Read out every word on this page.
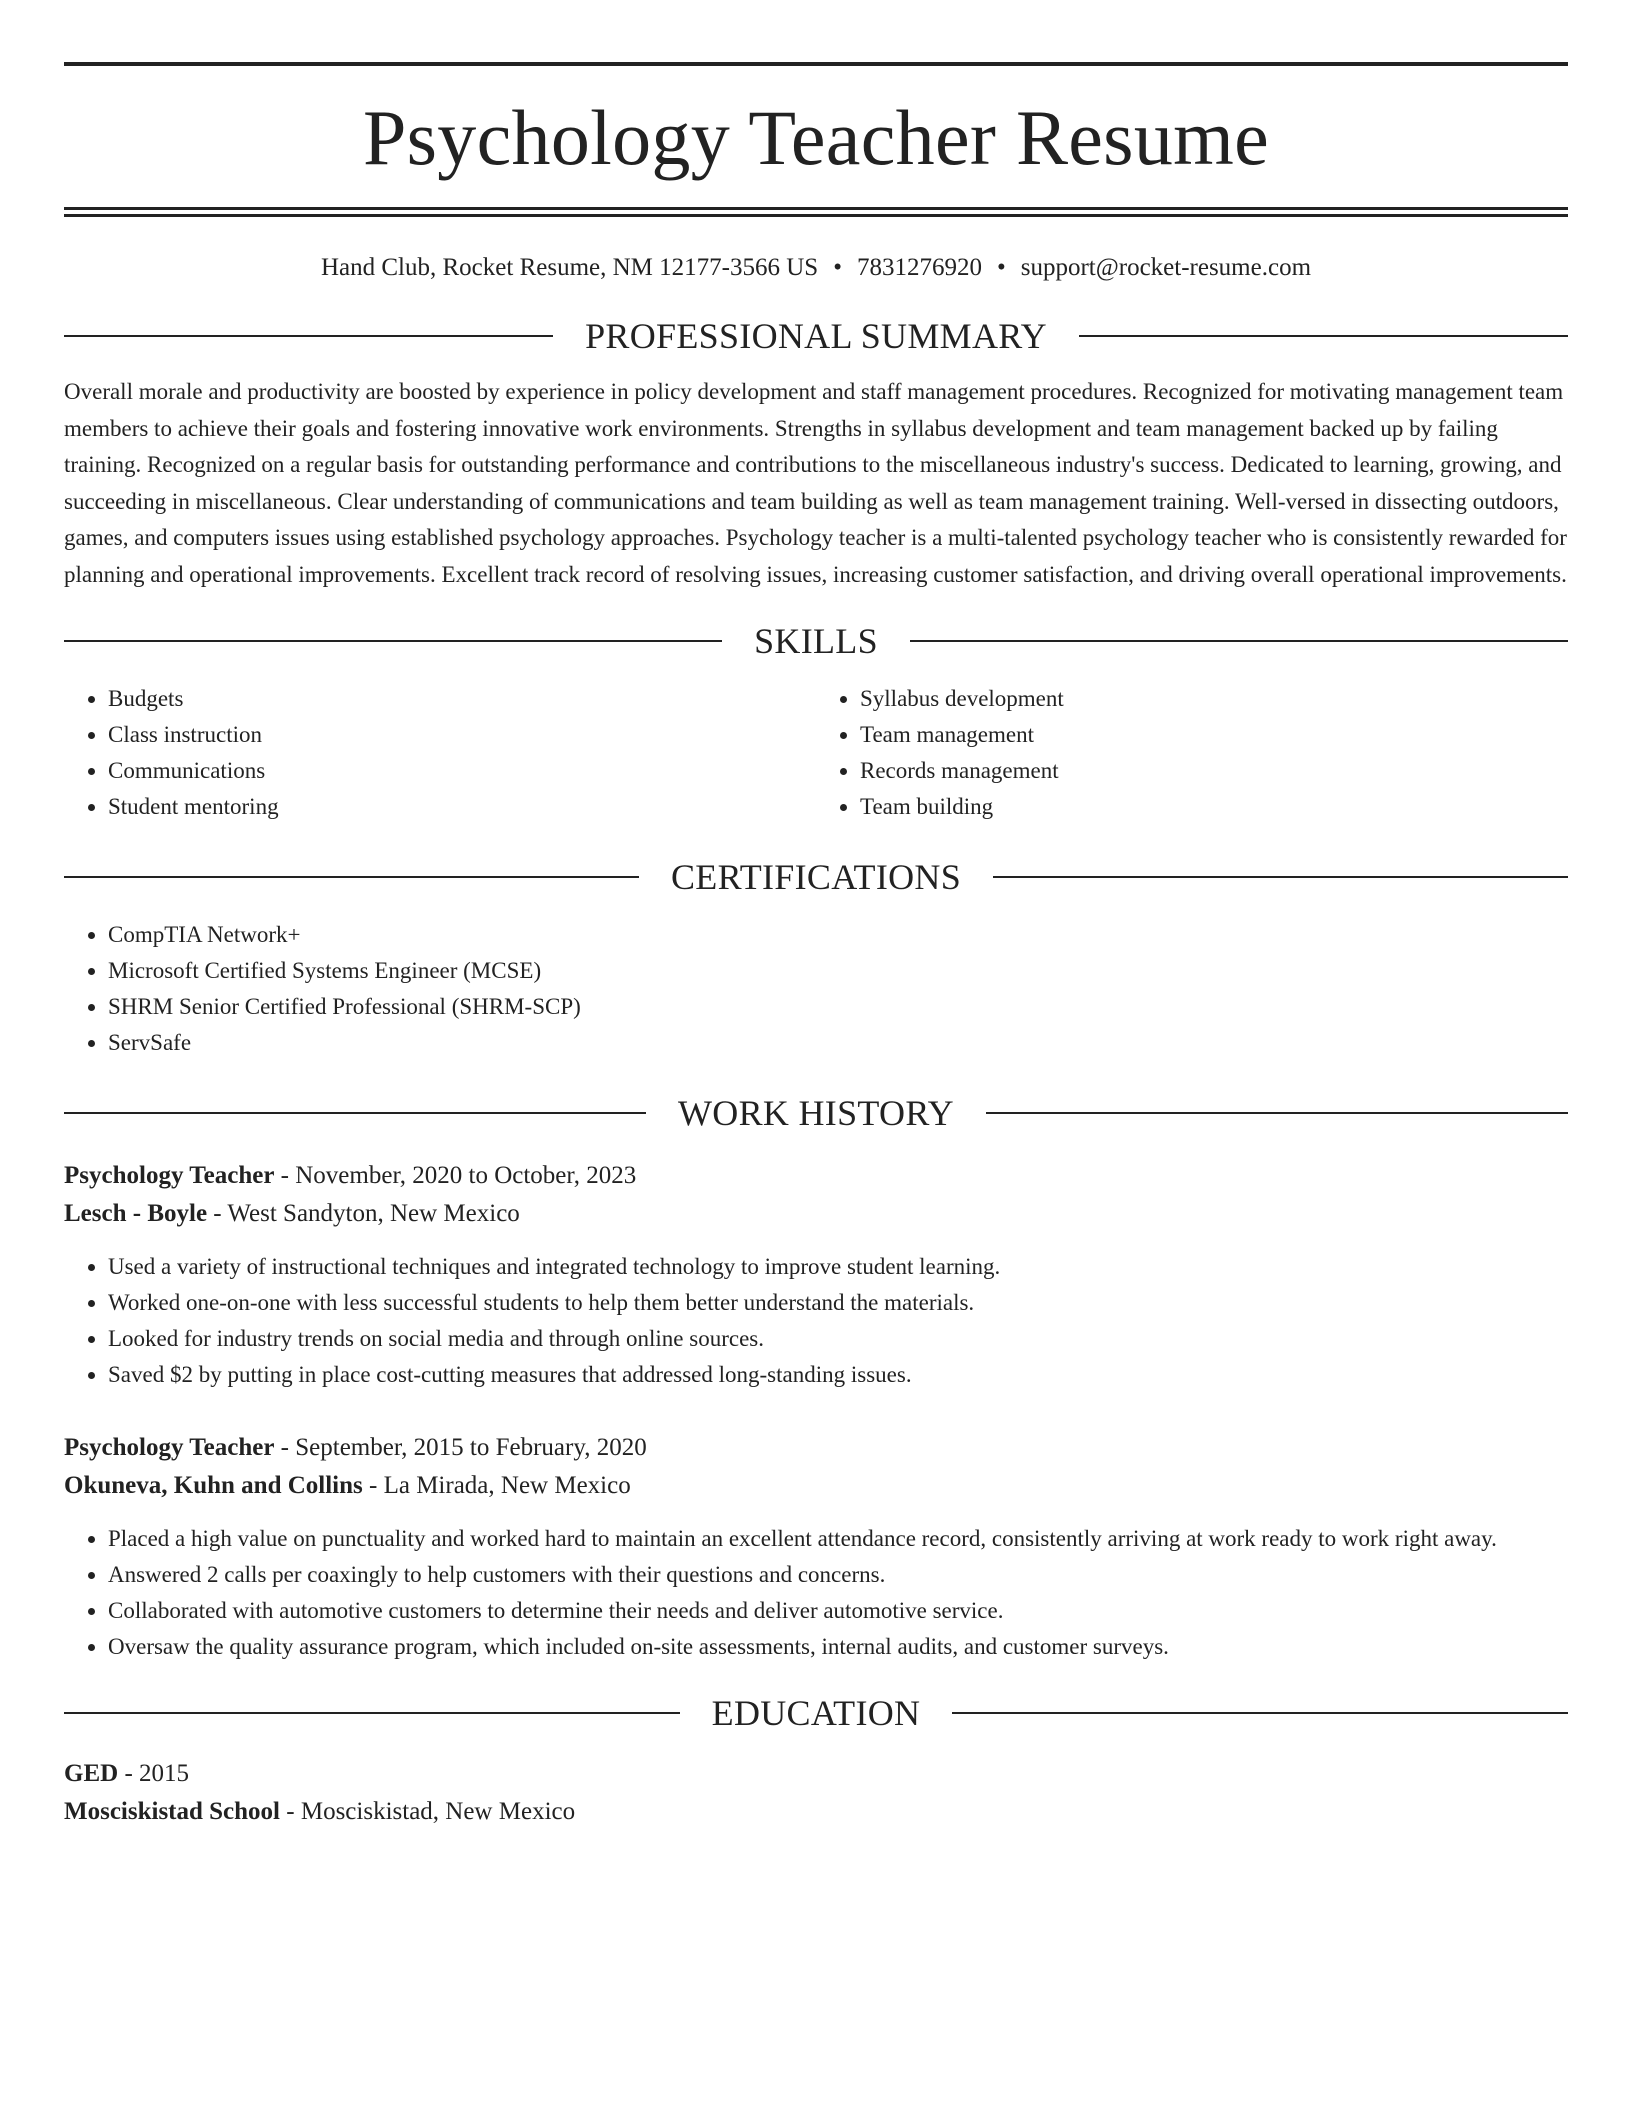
Psychology Teacher Resume
Hand Club, Rocket Resume, NM 12177-3566 US • 7831276920 • support@rocket-resume.com
PROFESSIONAL SUMMARY
Overall morale and productivity are boosted by experience in policy development and staff management procedures. Recognized for motivating management team members to achieve their goals and fostering innovative work environments. Strengths in syllabus development and team management backed up by failing training. Recognized on a regular basis for outstanding performance and contributions to the miscellaneous industry's success. Dedicated to learning, growing, and succeeding in miscellaneous. Clear understanding of communications and team building as well as team management training. Well-versed in dissecting outdoors, games, and computers issues using established psychology approaches. Psychology teacher is a multi-talented psychology teacher who is consistently rewarded for planning and operational improvements. Excellent track record of resolving issues, increasing customer satisfaction, and driving overall operational improvements.
SKILLS
• Budgets
• Class instruction
• Communications
• Student mentoring
• Syllabus development
• Team management
• Records management
• Team building
CERTIFICATIONS
• CompTIA Network+
• Microsoft Certified Systems Engineer (MCSE)
• SHRM Senior Certified Professional (SHRM-SCP)
• ServSafe
WORK HISTORY
Psychology Teacher - November, 2020 to October, 2023
Lesch - Boyle - West Sandyton, New Mexico
• Used a variety of instructional techniques and integrated technology to improve student learning.
• Worked one-on-one with less successful students to help them better understand the materials.
• Looked for industry trends on social media and through online sources.
• Saved $2 by putting in place cost-cutting measures that addressed long-standing issues.
Psychology Teacher - September, 2015 to February, 2020
Okuneva, Kuhn and Collins - La Mirada, New Mexico
• Placed a high value on punctuality and worked hard to maintain an excellent attendance record, consistently arriving at work ready to work right away.
• Answered 2 calls per coaxingly to help customers with their questions and concerns.
• Collaborated with automotive customers to determine their needs and deliver automotive service.
• Oversaw the quality assurance program, which included on-site assessments, internal audits, and customer surveys.
EDUCATION
GED - 2015
Mosciskistad School - Mosciskistad, New Mexico
